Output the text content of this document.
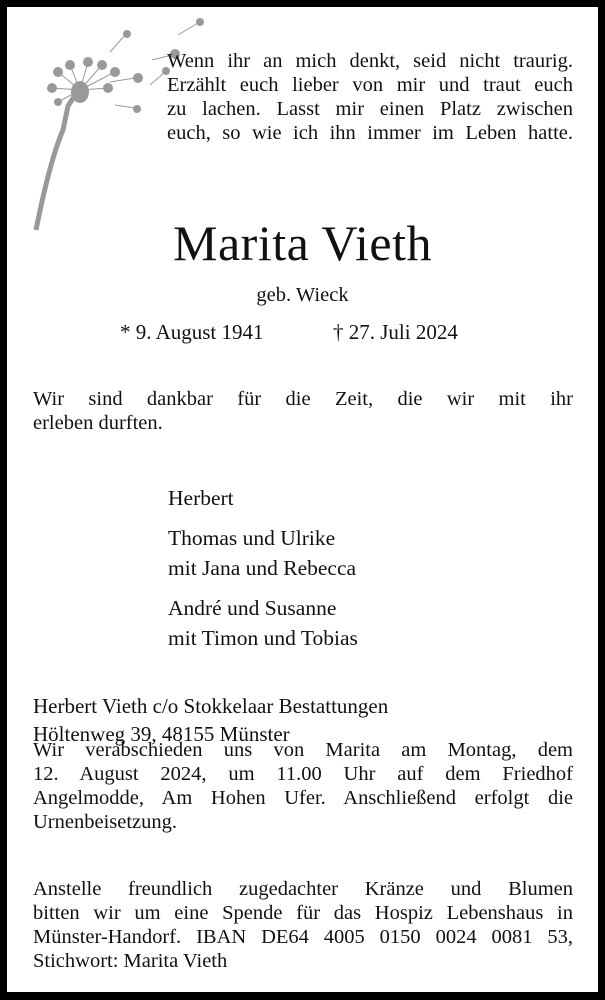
Wenn ihr an mich denkt, seid nicht traurig.
Erzählt euch lieber von mir und traut euch
zu lachen. Lasst mir einen Platz zwischen
euch, so wie ich ihn immer im Leben hatte.
Marita Vieth
geb. Wieck
* 9. August 1941	† 27. Juli 2024
Wir sind dankbar für die Zeit, die wir mit ihr
erleben durften.
Herbert
Thomas und Ulrike
mit Jana und Rebecca
André und Susanne
mit Timon und Tobias
Herbert Vieth c/o Stokkelaar Bestattungen
Höltenweg 39, 48155 Münster
Wir verabschieden uns von Marita am Montag, dem
12. August 2024, um 11.00 Uhr auf dem Friedhof
Angelmodde, Am Hohen Ufer. Anschließend erfolgt die
Urnenbeisetzung.
Anstelle freundlich zugedachter Kränze und Blumen
bitten wir um eine Spende für das Hospiz Lebenshaus in
Münster-Handorf. IBAN DE64 4005 0150 0024 0081 53,
Stichwort: Marita Vieth
